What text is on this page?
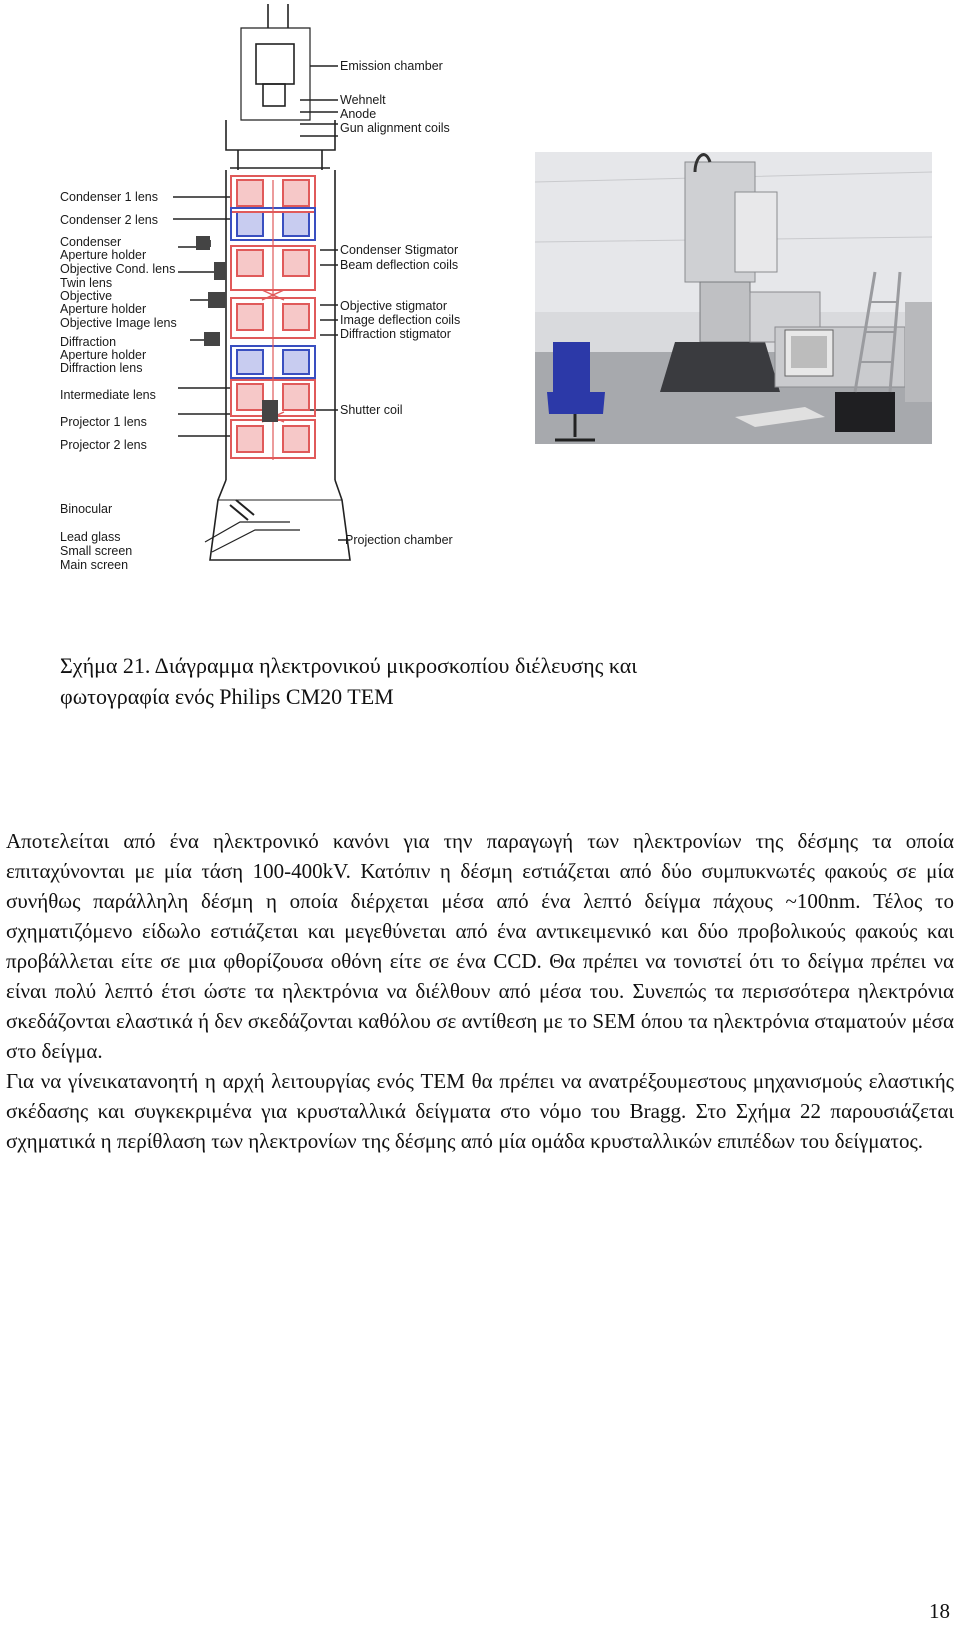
Emission chamber
Wehnelt
Anode
Gun alignment coils
Condenser Stigmator
Beam deflection coils
Objective stigmator
Image deflection coils
Diffraction stigmator
Shutter coil
Projection chamber
Condenser 1 lens
Condenser 2 lens
Condenser
Aperture holder
Objective Cond. lens
Twin lens
Objective
Aperture holder
Objective Image lens
Diffraction
Aperture holder
Diffraction lens
Intermediate lens
Projector 1 lens
Projector 2 lens
Binocular
Lead glass
Small screen
Main screen
Σχήμα 21. Διάγραμμα ηλεκτρονικού μικροσκοπίου διέλευσης και
φωτογραφία ενός Philips CM20 TEM

Αποτελείται από ένα ηλεκτρονικό κανόνι για την παραγωγή των ηλεκτρονίων της δέσμης τα οποία επιταχύνονται με μία τάση 100-400kV. Κατόπιν η δέσμη εστιάζεται από δύο συμπυκνωτές φακούς σε μία συνήθως παράλληλη δέσμη η οποία διέρχεται μέσα από ένα λεπτό δείγμα πάχους ~100nm. Τέλος το σχηματιζόμενο είδωλο εστιάζεται και μεγεθύνεται από ένα αντικειμενικό και δύο προβολικούς φακούς και προβάλλεται είτε σε μια φθορίζουσα οθόνη είτε σε ένα CCD. Θα πρέπει να τονιστεί ότι το δείγμα πρέπει να είναι πολύ λεπτό έτσι ώστε τα ηλεκτρόνια να διέλθουν από μέσα του. Συνεπώς τα περισσότερα ηλεκτρόνια σκεδάζονται ελαστικά ή δεν σκεδάζονται καθόλου σε αντίθεση με το SEM όπου τα ηλεκτρόνια σταματούν μέσα στο δείγμα.

Για να γίνεικατανοητή η αρχή λειτουργίας ενός TEM θα πρέπει να ανατρέξουμεστους μηχανισμούς ελαστικής σκέδασης και συγκεκριμένα για κρυσταλλικά δείγματα στο νόμο του Bragg. Στο Σχήμα 22 παρουσιάζεται σχηματικά η περίθλαση των ηλεκτρονίων της δέσμης από μία ομάδα κρυσταλλικών επιπέδων του δείγματος.

18
